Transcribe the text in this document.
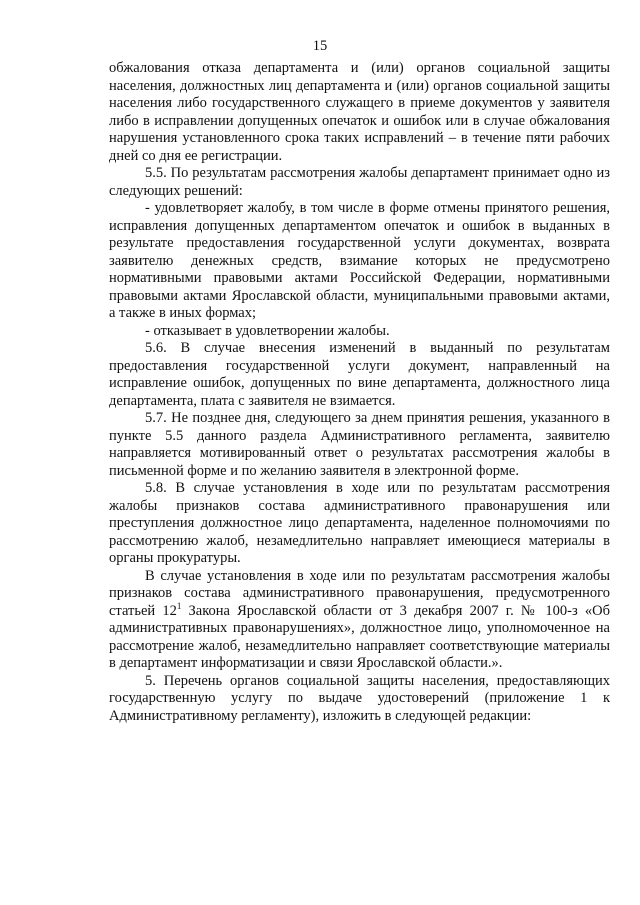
15

обжалования отказа департамента и (или) органов социальной защиты населения, должностных лиц департамента и (или) органов социальной защиты населения либо государственного служащего в приеме документов у заявителя либо в исправлении допущенных опечаток и ошибок или в случае обжалования нарушения установленного срока таких исправлений – в течение пяти рабочих дней со дня ее регистрации.

5.5. По результатам рассмотрения жалобы департамент принимает одно из следующих решений:

- удовлетворяет жалобу, в том числе в форме отмены принятого решения, исправления допущенных департаментом опечаток и ошибок в выданных в результате предоставления государственной услуги документах, возврата заявителю денежных средств, взимание которых не предусмотрено нормативными правовыми актами Российской Федерации, нормативными правовыми актами Ярославской области, муниципальными правовыми актами, а также в иных формах;

- отказывает в удовлетворении жалобы.

5.6. В случае внесения изменений в выданный по результатам предоставления государственной услуги документ, направленный на исправление ошибок, допущенных по вине департамента, должностного лица департамента, плата с заявителя не взимается.

5.7. Не позднее дня, следующего за днем принятия решения, указанного в пункте 5.5 данного раздела Административного регламента, заявителю направляется мотивированный ответ о результатах рассмотрения жалобы в письменной форме и по желанию заявителя в электронной форме.

5.8. В случае установления в ходе или по результатам рассмотрения жалобы признаков состава административного правонарушения или преступления должностное лицо департамента, наделенное полномочиями по рассмотрению жалоб, незамедлительно направляет имеющиеся материалы в органы прокуратуры.

В случае установления в ходе или по результатам рассмотрения жалобы признаков состава административного правонарушения, предусмотренного статьей $12^1$ Закона Ярославской области от 3 декабря 2007 г. № 100-з «Об административных правонарушениях», должностное лицо, уполномоченное на рассмотрение жалоб, незамедлительно направляет соответствующие материалы в департамент информатизации и связи Ярославской области.».

5. Перечень органов социальной защиты населения, предоставляющих государственную услугу по выдаче удостоверений (приложение 1 к Административному регламенту), изложить в следующей редакции:
